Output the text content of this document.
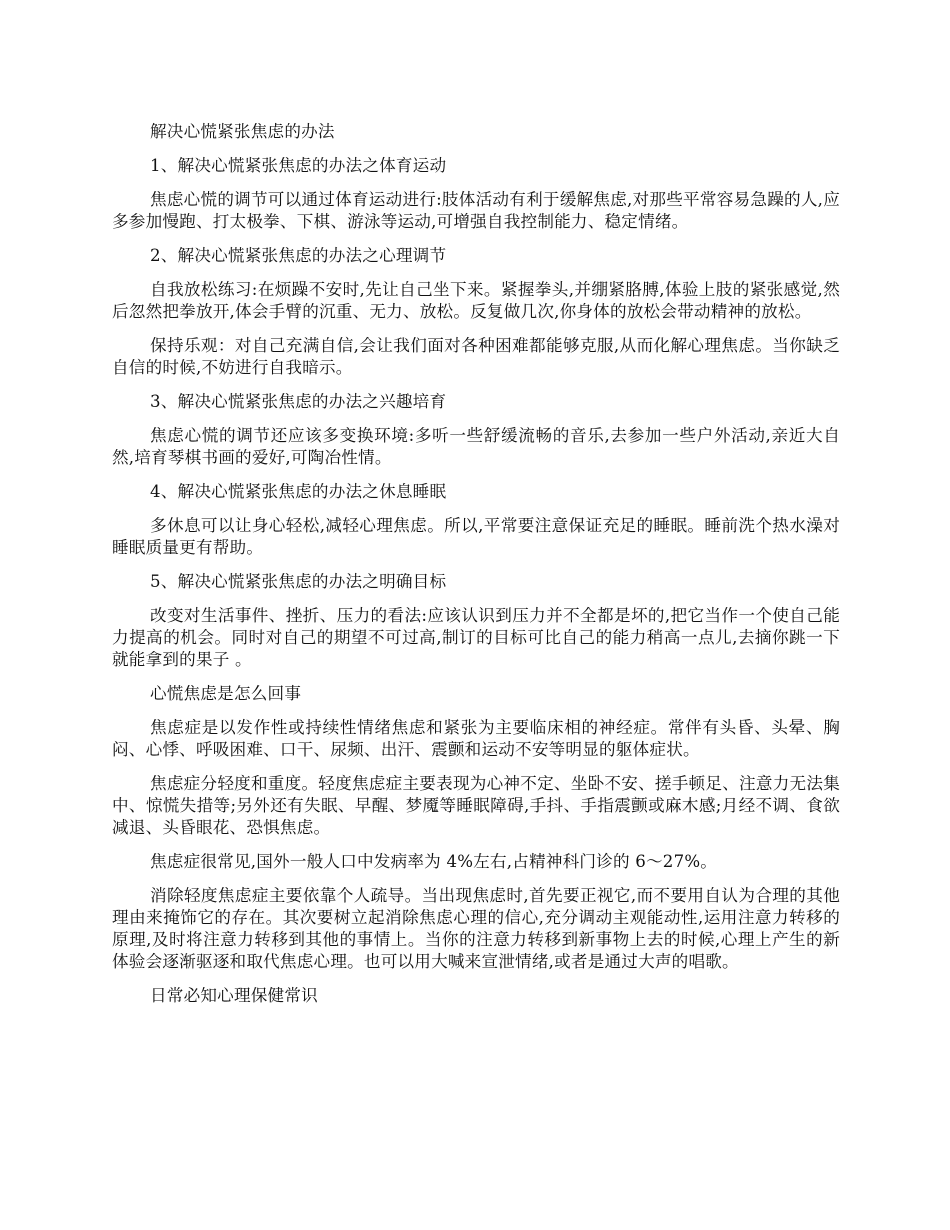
解决心慌紧张焦虑的办法

1、解决心慌紧张焦虑的办法之体育运动

焦虑心慌的调节可以通过体育运动进行:肢体活动有利于缓解焦虑,对那些平常容易急躁的人,应多参加慢跑、打太极拳、下棋、游泳等运动,可增强自我控制能力、稳定情绪。

2、解决心慌紧张焦虑的办法之心理调节

自我放松练习:在烦躁不安时,先让自己坐下来。紧握拳头,并绷紧胳膊,体验上肢的紧张感觉,然后忽然把拳放开,体会手臂的沉重、无力、放松。反复做几次,你身体的放松会带动精神的放松。

保持乐观：对自己充满自信,会让我们面对各种困难都能够克服,从而化解心理焦虑。当你缺乏自信的时候,不妨进行自我暗示。

3、解决心慌紧张焦虑的办法之兴趣培育

焦虑心慌的调节还应该多变换环境:多听一些舒缓流畅的音乐,去参加一些户外活动,亲近大自然,培育琴棋书画的爱好,可陶冶性情。

4、解决心慌紧张焦虑的办法之休息睡眠

多休息可以让身心轻松,减轻心理焦虑。所以,平常要注意保证充足的睡眠。睡前洗个热水澡对睡眠质量更有帮助。

5、解决心慌紧张焦虑的办法之明确目标

改变对生活事件、挫折、压力的看法:应该认识到压力并不全都是坏的,把它当作一个使自己能力提高的机会。同时对自己的期望不可过高,制订的目标可比自己的能力稍高一点儿,去摘你跳一下就能拿到的果子 。

心慌焦虑是怎么回事

焦虑症是以发作性或持续性情绪焦虑和紧张为主要临床相的神经症。常伴有头昏、头晕、胸闷、心悸、呼吸困难、口干、尿频、出汗、震颤和运动不安等明显的躯体症状。

焦虑症分轻度和重度。轻度焦虑症主要表现为心神不定、坐卧不安、搓手顿足、注意力无法集中、惊慌失措等;另外还有失眠、早醒、梦魇等睡眠障碍,手抖、手指震颤或麻木感;月经不调、食欲减退、头昏眼花、恐惧焦虑。

焦虑症很常见,国外一般人口中发病率为 4%左右,占精神科门诊的 6～27%。

消除轻度焦虑症主要依靠个人疏导。当出现焦虑时,首先要正视它,而不要用自认为合理的其他理由来掩饰它的存在。其次要树立起消除焦虑心理的信心,充分调动主观能动性,运用注意力转移的原理,及时将注意力转移到其他的事情上。当你的注意力转移到新事物上去的时候,心理上产生的新体验会逐渐驱逐和取代焦虑心理。也可以用大喊来宣泄情绪,或者是通过大声的唱歌。

日常必知心理保健常识
